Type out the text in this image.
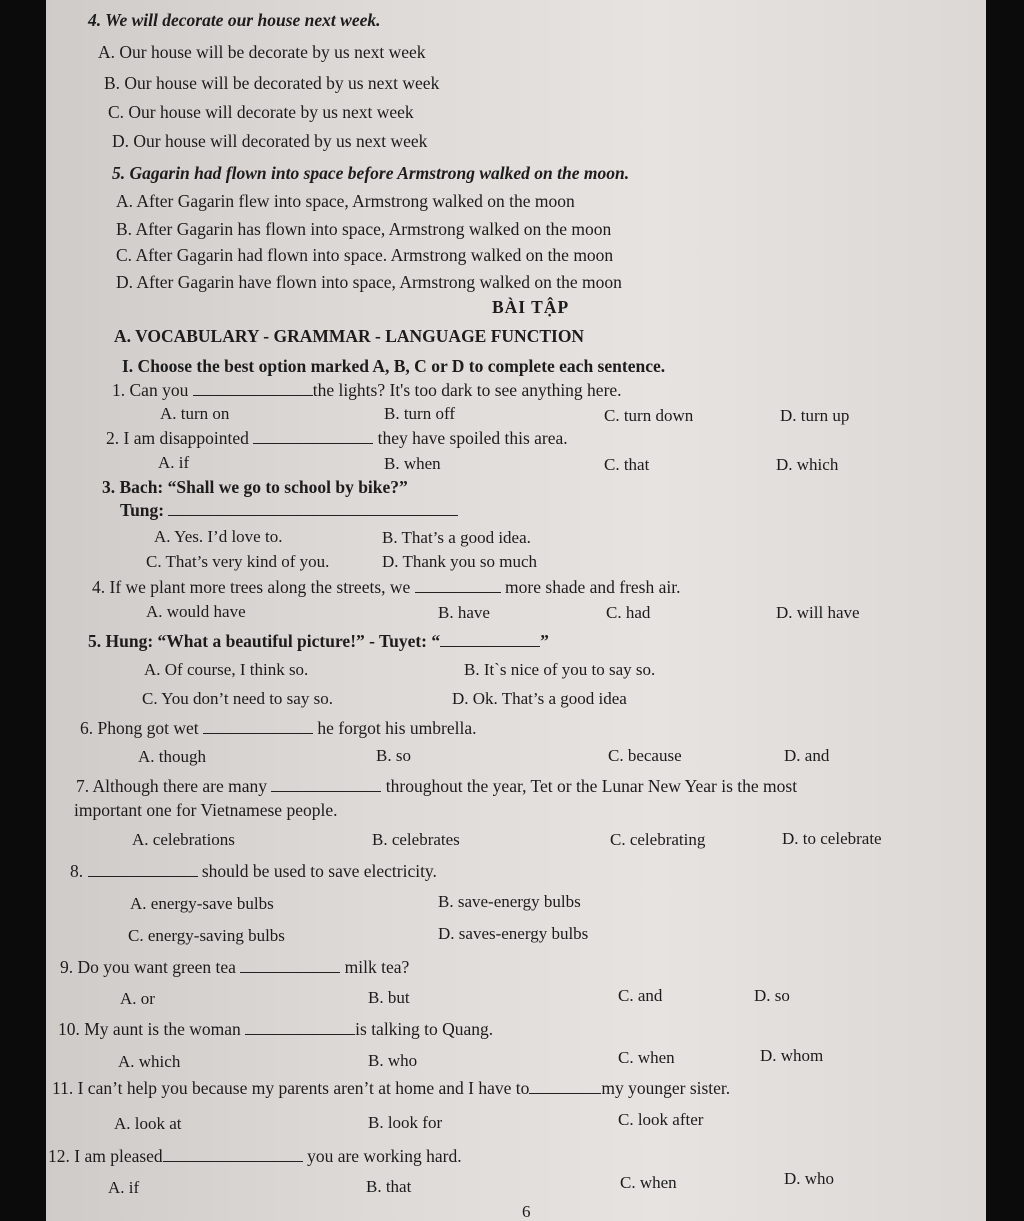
4. We will decorate our house next week.
A. Our house will be decorate by us next week
B. Our house will be decorated by us next week
C. Our house will decorate by us next week
D. Our house will decorated by us next week
5. Gagarin had flown into space before Armstrong walked on the moon.
A. After Gagarin flew into space, Armstrong walked on the moon
B. After Gagarin has flown into space, Armstrong walked on the moon
C. After Gagarin had flown into space. Armstrong walked on the moon
D. After Gagarin have flown into space, Armstrong walked on the moon
BÀI TẬP
A. VOCABULARY - GRAMMAR - LANGUAGE FUNCTION
I. Choose the best option marked A, B, C or D to complete each sentence.
1. Can you	the lights? It's too dark to see anything here.
A. turn on	B. turn off	C. turn down	D. turn up
2. I am disappointed	they have spoiled this area.
A. if	B. when	C. that	D. which
3. Bach: “Shall we go to school by bike?”
Tung:
A. Yes. I’d love to.	B. That’s a good idea.
C. That’s very kind of you.	D. Thank you so much
4. If we plant more trees along the streets, we	more shade and fresh air.
A. would have	B. have	C. had	D. will have
5. Hung: “What a beautiful picture!” - Tuyet: “	”
A. Of course, I think so.	B. It`s nice of you to say so.
C. You don’t need to say so.	D. Ok. That’s a good idea
6. Phong got wet	he forgot his umbrella.
A. though	B. so	C. because	D. and
7. Although there are many	throughout the year, Tet or the Lunar New Year is the most
important one for Vietnamese people.
A. celebrations	B. celebrates	C. celebrating	D. to celebrate
8.	should be used to save electricity.
A. energy-save bulbs	B. save-energy bulbs
C. energy-saving bulbs	D. saves-energy bulbs
9. Do you want green tea	milk tea?
A. or	B. but	C. and	D. so
10. My aunt is the woman	is talking to Quang.
A. which	B. who	C. when	D. whom
11. I can’t help you because my parents aren’t at home and I have to	my younger sister.
A. look at	B. look for	C. look after
12. I am pleased	you are working hard.
A. if	B. that	C. when	D. who
6
